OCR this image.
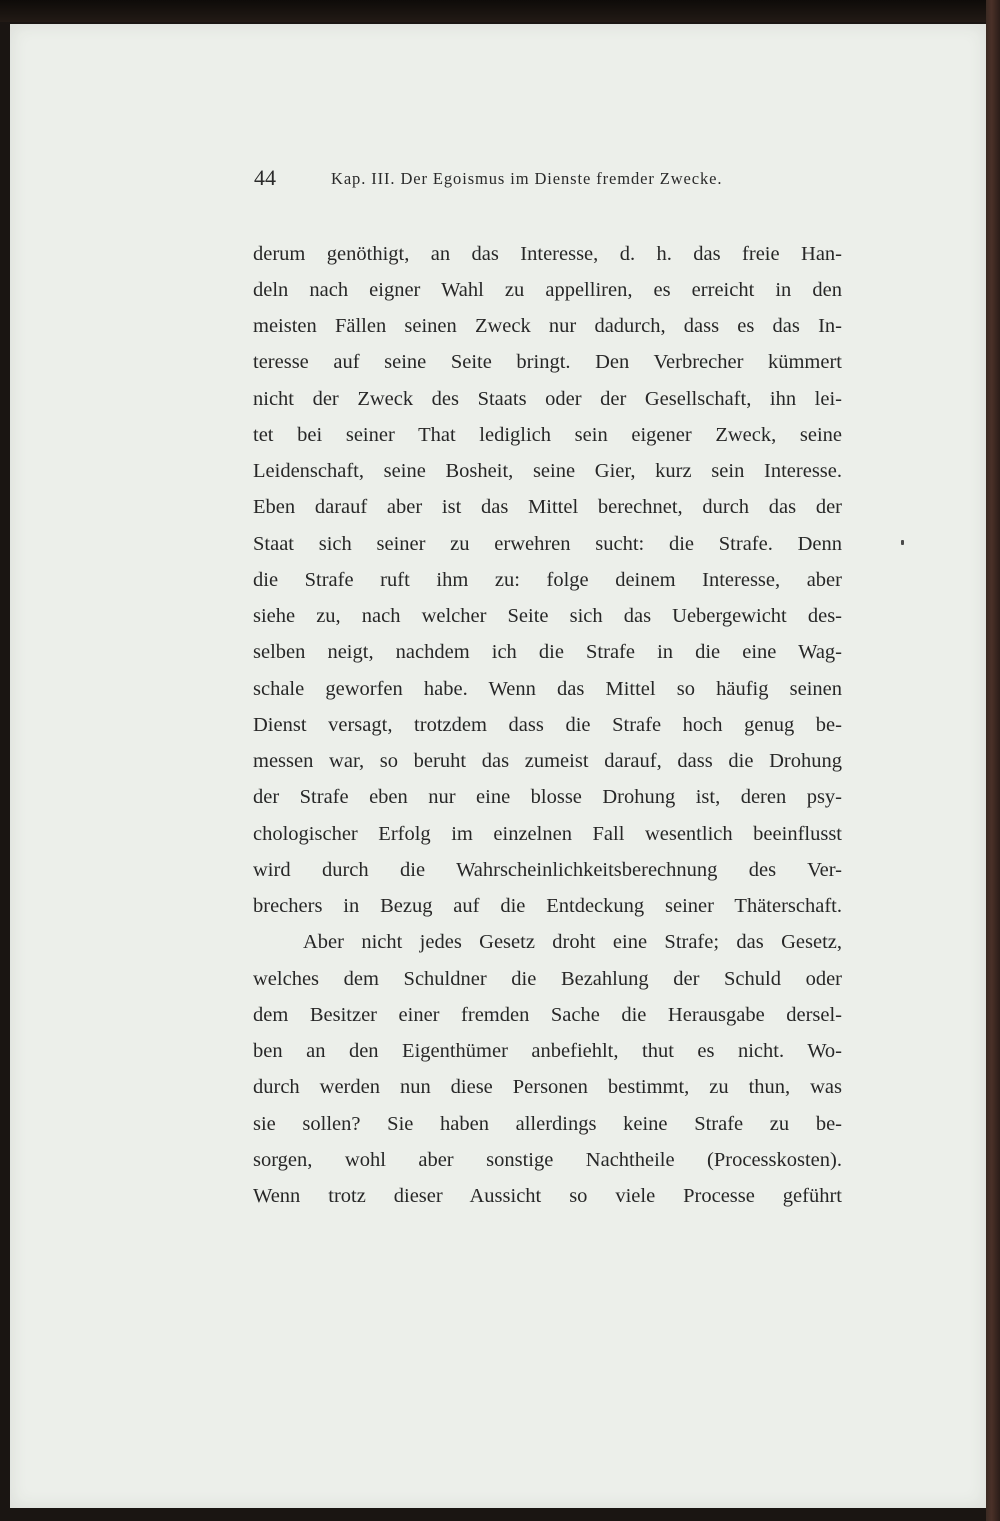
44	Kap. III. Der Egoismus im Dienste fremder Zwecke.
derum genöthigt, an das Interesse, d. h. das freie Han-
deln nach eigner Wahl zu appelliren, es erreicht in den
meisten Fällen seinen Zweck nur dadurch, dass es das In-
teresse auf seine Seite bringt. Den Verbrecher kümmert
nicht der Zweck des Staats oder der Gesellschaft, ihn lei-
tet bei seiner That lediglich sein eigener Zweck, seine
Leidenschaft, seine Bosheit, seine Gier, kurz sein Interesse.
Eben darauf aber ist das Mittel berechnet, durch das der
Staat sich seiner zu erwehren sucht: die Strafe. Denn
die Strafe ruft ihm zu: folge deinem Interesse, aber
siehe zu, nach welcher Seite sich das Uebergewicht des-
selben neigt, nachdem ich die Strafe in die eine Wag-
schale geworfen habe. Wenn das Mittel so häufig seinen
Dienst versagt, trotzdem dass die Strafe hoch genug be-
messen war, so beruht das zumeist darauf, dass die Drohung
der Strafe eben nur eine blosse Drohung ist, deren psy-
chologischer Erfolg im einzelnen Fall wesentlich beeinflusst
wird durch die Wahrscheinlichkeitsberechnung des Ver-
brechers in Bezug auf die Entdeckung seiner Thäterschaft.
Aber nicht jedes Gesetz droht eine Strafe; das Gesetz,
welches dem Schuldner die Bezahlung der Schuld oder
dem Besitzer einer fremden Sache die Herausgabe dersel-
ben an den Eigenthümer anbefiehlt, thut es nicht. Wo-
durch werden nun diese Personen bestimmt, zu thun, was
sie sollen? Sie haben allerdings keine Strafe zu be-
sorgen, wohl aber sonstige Nachtheile (Processkosten).
Wenn trotz dieser Aussicht so viele Processe geführt
